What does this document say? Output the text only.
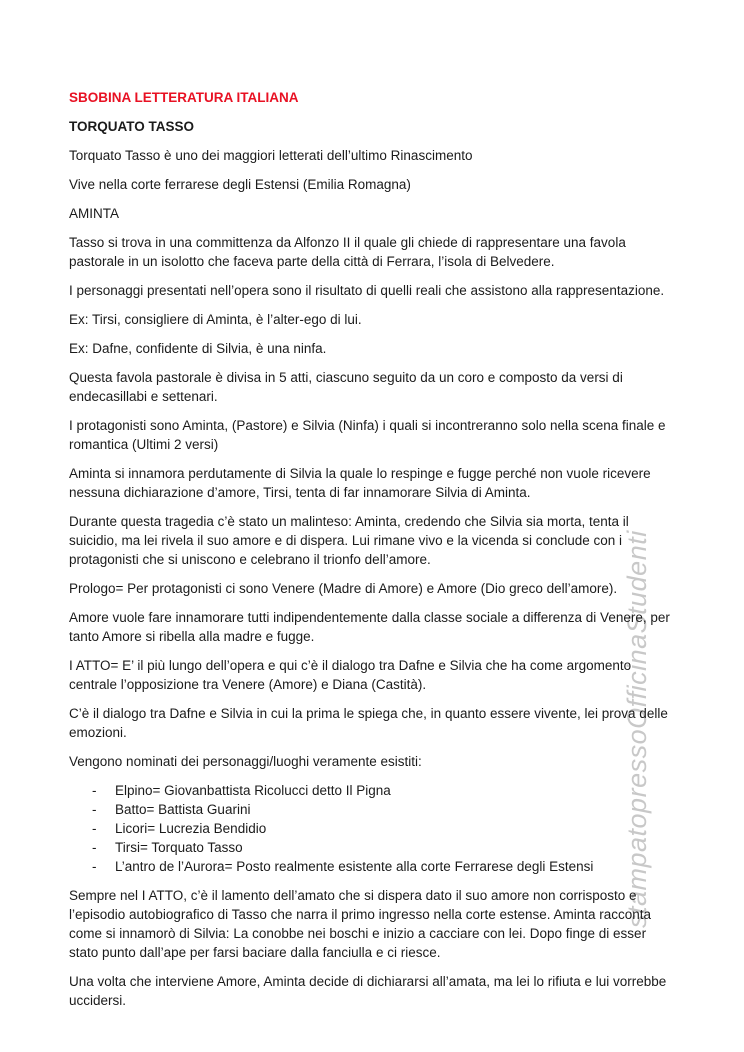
stampatopressoOfficinaStudenti

SBOBINA LETTERATURA ITALIANA

TORQUATO TASSO

Torquato Tasso è uno dei maggiori letterati dell’ultimo Rinascimento

Vive nella corte ferrarese degli Estensi (Emilia Romagna)

AMINTA

Tasso si trova in una committenza da Alfonzo II il quale gli chiede di rappresentare una favola pastorale in un isolotto che faceva parte della città di Ferrara, l’isola di Belvedere.

I personaggi presentati nell’opera sono il risultato di quelli reali che assistono alla rappresentazione.

Ex: Tirsi, consigliere di Aminta, è l’alter-ego di lui.

Ex: Dafne, confidente di Silvia, è una ninfa.

Questa favola pastorale è divisa in 5 atti, ciascuno seguito da un coro e composto da versi di endecasillabi e settenari.

I protagonisti sono Aminta, (Pastore) e Silvia (Ninfa) i quali si incontreranno solo nella scena finale e romantica (Ultimi 2 versi)

Aminta si innamora perdutamente di Silvia la quale lo respinge e fugge perché non vuole ricevere nessuna dichiarazione d’amore, Tirsi, tenta di far innamorare Silvia di Aminta.

Durante questa tragedia c’è stato un malinteso: Aminta, credendo che Silvia sia morta, tenta il suicidio, ma lei rivela il suo amore e di dispera. Lui rimane vivo e la vicenda si conclude con i protagonisti che si uniscono e celebrano il trionfo dell’amore.

Prologo= Per protagonisti ci sono Venere (Madre di Amore) e Amore (Dio greco dell’amore).

Amore vuole fare innamorare tutti indipendentemente dalla classe sociale a differenza di Venere, per tanto Amore si ribella alla madre e fugge.

I ATTO= E’ il più lungo dell’opera e qui c’è il dialogo tra Dafne e Silvia che ha come argomento centrale l’opposizione tra Venere (Amore) e Diana (Castità).

C’è il dialogo tra Dafne e Silvia in cui la prima le spiega che, in quanto essere vivente, lei prova delle emozioni.

Vengono nominati dei personaggi/luoghi veramente esistiti:

-	Elpino= Giovanbattista Ricolucci detto Il Pigna
-	Batto= Battista Guarini
-	Licori= Lucrezia Bendidio
-	Tirsi= Torquato Tasso
-	L’antro de l’Aurora= Posto realmente esistente alla corte Ferrarese degli Estensi

Sempre nel I ATTO, c’è il lamento dell’amato che si dispera dato il suo amore non corrisposto e l’episodio autobiografico di Tasso che narra il primo ingresso nella corte estense. Aminta racconta come si innamorò di Silvia: La conobbe nei boschi e inizio a cacciare con lei. Dopo finge di esser stato punto dall’ape per farsi baciare dalla fanciulla e ci riesce.

Una volta che interviene Amore, Aminta decide di dichiararsi all’amata, ma lei lo rifiuta e lui vorrebbe uccidersi.
